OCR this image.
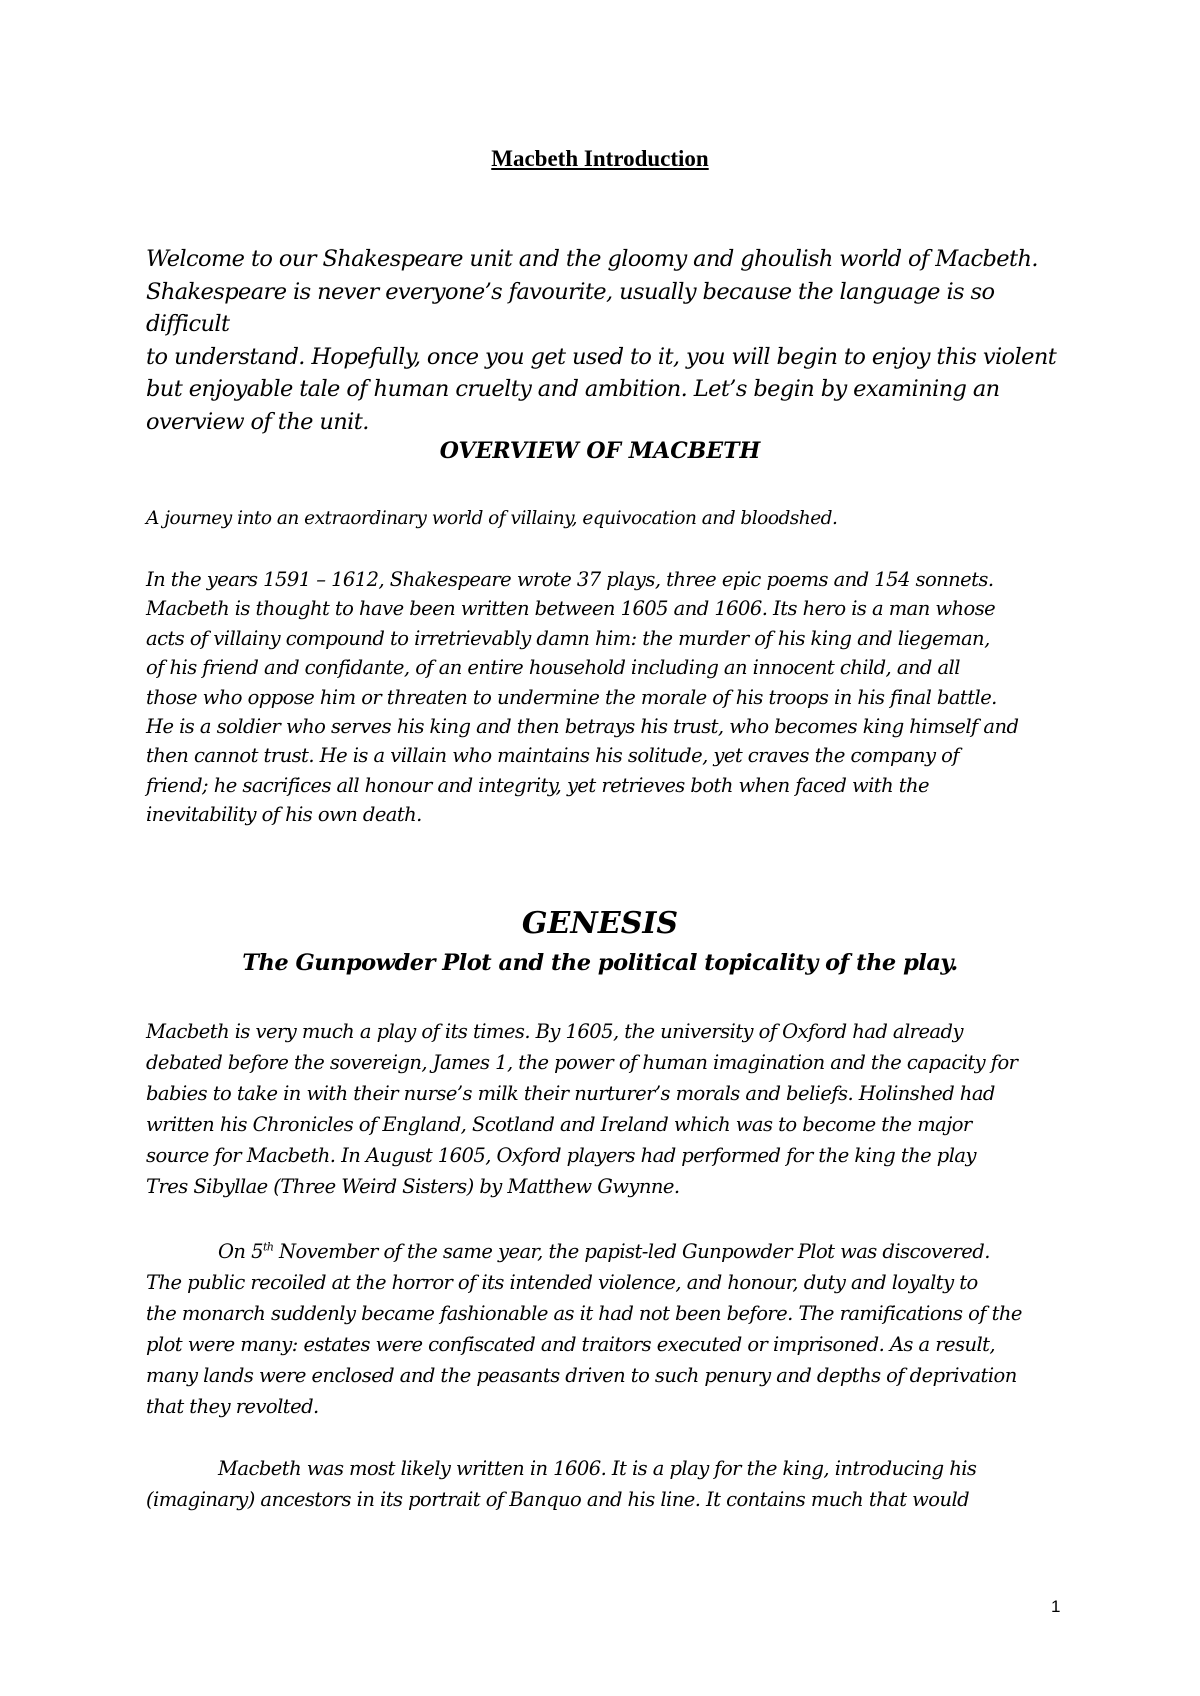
Macbeth Introduction
Welcome to our Shakespeare unit and the gloomy and ghoulish world of Macbeth.
Shakespeare is never everyone’s favourite, usually because the language is so difficult
to understand. Hopefully, once you get used to it, you will begin to enjoy this violent
but enjoyable tale of human cruelty and ambition. Let’s begin by examining an
overview of the unit.
OVERVIEW OF MACBETH

A journey into an extraordinary world of villainy, equivocation and bloodshed.

In the years 1591 – 1612, Shakespeare wrote 37 plays, three epic poems and 154 sonnets.
Macbeth is thought to have been written between 1605 and 1606. Its hero is a man whose
acts of villainy compound to irretrievably damn him: the murder of his king and liegeman,
of his friend and confidante, of an entire household including an innocent child, and all
those who oppose him or threaten to undermine the morale of his troops in his final battle.
He is a soldier who serves his king and then betrays his trust, who becomes king himself and
then cannot trust. He is a villain who maintains his solitude, yet craves the company of
friend; he sacrifices all honour and integrity, yet retrieves both when faced with the
inevitability of his own death.
GENESIS
The Gunpowder Plot and the political topicality of the play.
Macbeth is very much a play of its times. By 1605, the university of Oxford had already
debated before the sovereign, James 1, the power of human imagination and the capacity for
babies to take in with their nurse’s milk their nurturer’s morals and beliefs. Holinshed had
written his Chronicles of England, Scotland and Ireland which was to become the major
source for Macbeth. In August 1605, Oxford players had performed for the king the play
Tres Sibyllae (Three Weird Sisters) by Matthew Gwynne.
On 5th November of the same year, the papist-led Gunpowder Plot was discovered.
The public recoiled at the horror of its intended violence, and honour, duty and loyalty to
the monarch suddenly became fashionable as it had not been before. The ramifications of the
plot were many: estates were confiscated and traitors executed or imprisoned. As a result,
many lands were enclosed and the peasants driven to such penury and depths of deprivation
that they revolted.
Macbeth was most likely written in 1606. It is a play for the king, introducing his
(imaginary) ancestors in its portrait of Banquo and his line. It contains much that would
1
